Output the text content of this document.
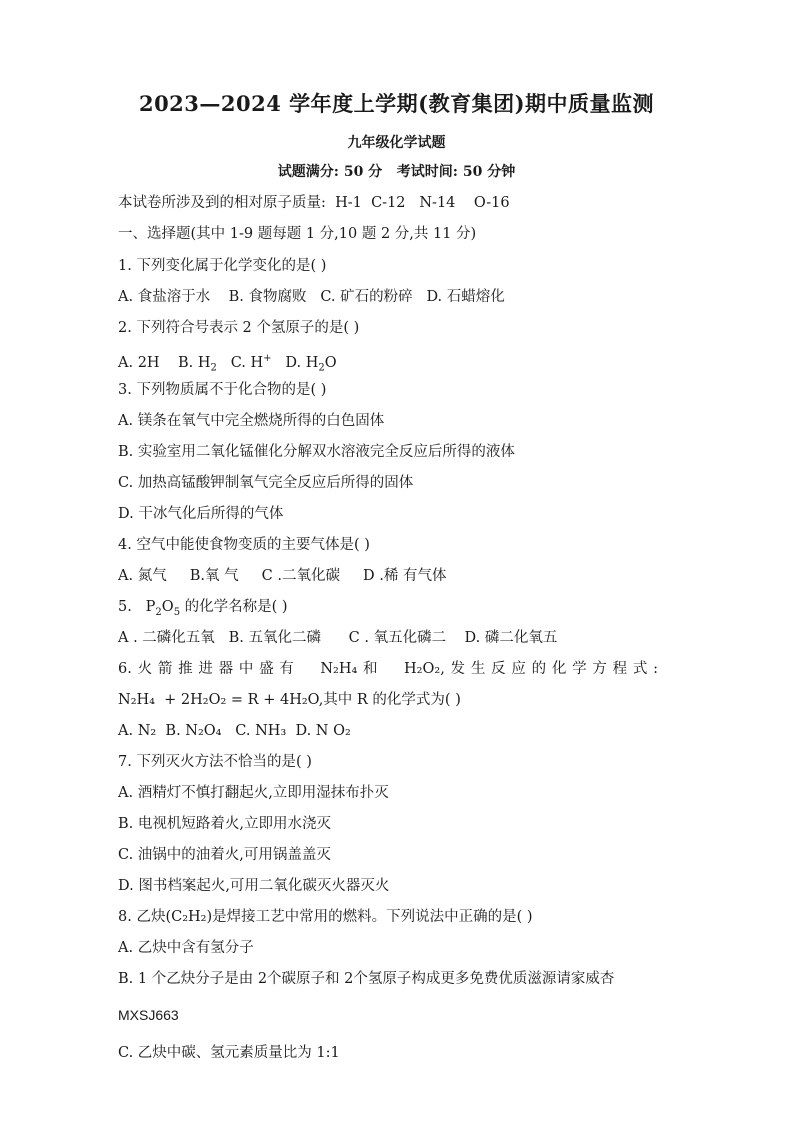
2023—2024 学年度上学期(教育集团)期中质量监测
九年级化学试题
试题满分: 50 分   考试时间: 50 分钟
本试卷所涉及到的相对原子质量:  H-1  C-12   N-14    O-16
一、选择题(其中 1-9 题每题 1 分,10 题 2 分,共 11 分)
1. 下列变化属于化学变化的是( )
A. 食盐溶于水    B. 食物腐败   C. 矿石的粉碎   D. 石蜡熔化
2. 下列符合号表示 2 个氢原子的是( )
A. 2H    B. $H_2$   C. H+   D. $H_2O$
3. 下列物质属不于化合物的是( )
A. 镁条在氧气中完全燃烧所得的白色固体
B. 实验室用二氧化锰催化分解双水溶液完全反应后所得的液体
C. 加热高锰酸钾制氧气完全反应后所得的固体
D. 干冰气化后所得的气体
4. 空气中能使食物变质的主要气体是( )
A. 氮气     B.氧 气     C .二氧化碳     D .稀 有气体
5.   $P_2O_5$ 的化学名称是( )
A . 二磷化五氧   B. 五氧化二磷      C . 氧五化磷二    D. 磷二化氧五
6.火箭推进器中盛有  N₂H₄和  H₂O₂,发生反应的化学方程式:
N₂H₄  + 2H₂O₂ = R + 4H₂O,其中 R 的化学式为( )
A. N₂  B. N₂O₄   C. NH₃  D. N O₂
7. 下列灭火方法不恰当的是( )
A. 酒精灯不慎打翻起火,立即用湿抹布扑灭
B. 电视机短路着火,立即用水浇灭
C. 油锅中的油着火,可用锅盖盖灭
D. 图书档案起火,可用二氧化碳灭火器灭火
8. 乙炔(C₂H₂)是焊接工艺中常用的燃料。下列说法中正确的是( )
A. 乙炔中含有氢分子
B. 1 个乙炔分子是由 2个碳原子和 2个氢原子构成更多免费优质滋源请家威杏
MXSJ663
C. 乙炔中碳、氢元素质量比为 1:1
